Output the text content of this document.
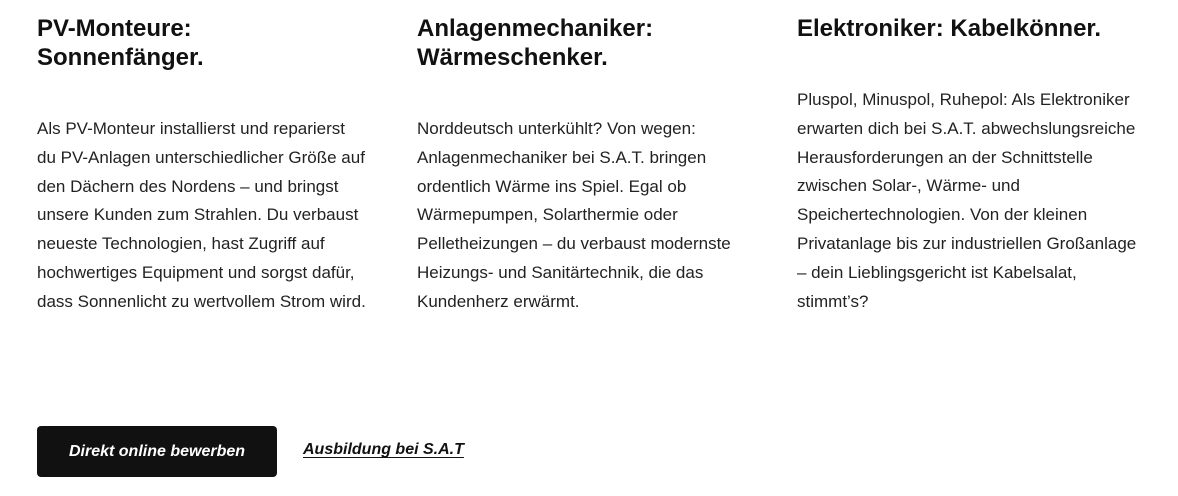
PV-Monteure:
Sonnenfänger.

Als PV-Monteur installierst und reparierst du PV-Anlagen unterschiedlicher Größe auf den Dächern des Nordens – und bringst unsere Kunden zum Strahlen. Du verbaust neueste Technologien, hast Zugriff auf hochwertiges Equipment und sorgst dafür, dass Sonnenlicht zu wertvollem Strom wird.

Anlagenmechaniker:
Wärmeschenker.

Norddeutsch unterkühlt? Von wegen: Anlagenmechaniker bei S.A.T. bringen ordentlich Wärme ins Spiel. Egal ob Wärmepumpen, Solarthermie oder Pelletheizungen – du verbaust modernste Heizungs- und Sanitärtechnik, die das Kundenherz erwärmt.

Elektroniker: Kabelkönner.

Pluspol, Minuspol, Ruhepol: Als Elektroniker erwarten dich bei S.A.T. abwechslungsreiche Herausforderungen an der Schnittstelle zwischen Solar-, Wärme- und Speichertechnologien. Von der kleinen Privatanlage bis zur industriellen Großanlage – dein Lieblingsgericht ist Kabelsalat, stimmt’s?

Direkt online bewerben	Ausbildung bei S.A.T
